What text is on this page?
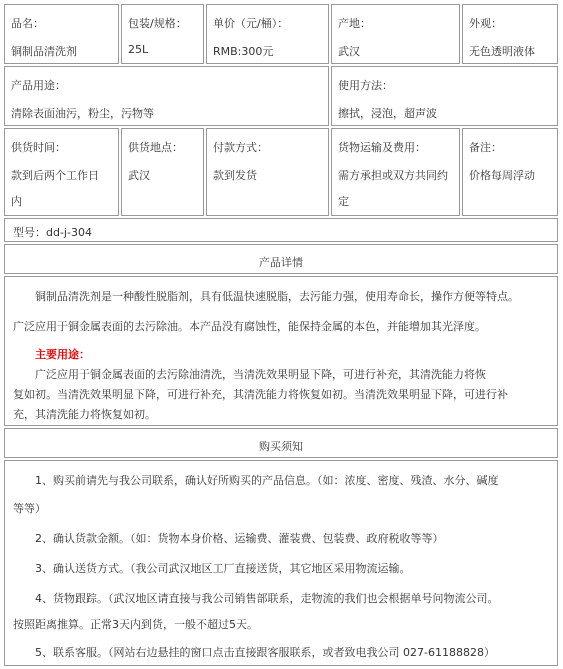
品名：
铜制品清洗剂
包装/规格：
25L
单价（元/桶）：
RMB:300元
产地：
武汉
外观：
无色透明液体
产品用途：
清除表面油污，粉尘，污物等
使用方法：
擦拭，浸泡，超声波
供货时间：
款到后两个工作日
内
供货地点：
武汉
付款方式：
款到发货
货物运输及费用：
需方承担或双方共同约
定
备注：
价格每周浮动
型号：dd-j-304
产品详情
铜制品清洗剂是一种酸性脱脂剂，具有低温快速脱脂，去污能力强，使用寿命长，操作方便等特点。
广泛应用于铜金属表面的去污除油。本产品没有腐蚀性，能保持金属的本色，并能增加其光泽度。
主要用途：
广泛应用于铜金属表面的去污除油清洗，当清洗效果明显下降，可进行补充，其清洗能力将恢
复如初。当清洗效果明显下降，可进行补充，其清洗能力将恢复如初。当清洗效果明显下降，可进行补
充，其清洗能力将恢复如初。
购买须知
1、购买前请先与我公司联系，确认好所购买的产品信息。（如：浓度、密度、残渣、水分、碱度
等等）
2、确认货款金额。（如：货物本身价格、运输费、灌装费、包装费、政府税收等等）
3、确认送货方式。（我公司武汉地区工厂直接送货，其它地区采用物流运输。
4、货物跟踪。（武汉地区请直接与我公司销售部联系，走物流的我们也会根据单号问物流公司。
按照距离推算。正常3天内到货，一般不超过5天。
5、联系客服。（网站右边悬挂的窗口点击直接跟客服联系，或者致电我公司 027-61188828）
